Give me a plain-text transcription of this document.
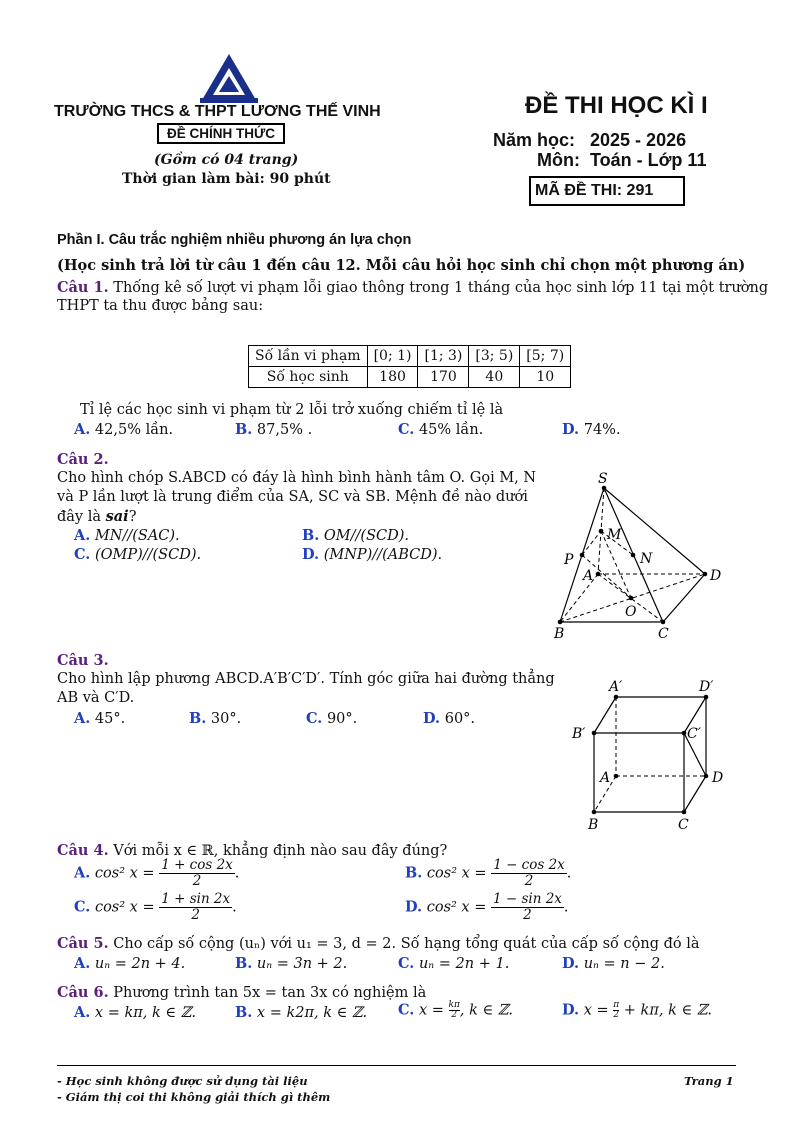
TRƯỜNG THCS & THPT LƯƠNG THẾ VINH
ĐỀ CHÍNH THỨC
(Gồm có 04 trang)
Thời gian làm bài: 90 phút
ĐỀ THI HỌC KÌ I
Năm học:   2025 - 2026
Môn:  Toán - Lớp 11
MÃ ĐỀ THI: 291
Phần I. Câu trắc nghiệm nhiều phương án lựa chọn
(Học sinh trả lời từ câu 1 đến câu 12. Mỗi câu hỏi học sinh chỉ chọn một phương án)
Câu 1. Thống kê số lượt vi phạm lỗi giao thông trong 1 tháng của học sinh lớp 11 tại một trường
THPT ta thu được bảng sau:
Số lần vi phạm	[0; 1)	[1; 3)	[3; 5)	[5; 7)
Số học sinh	180	170	40	10
Tỉ lệ các học sinh vi phạm từ 2 lỗi trở xuống chiếm tỉ lệ là
A. 42,5% lần.	B. 87,5% .	C. 45% lần.	D. 74%.
Câu 2.
Cho hình chóp S.ABCD có đáy là hình bình hành tâm O. Gọi M, N
và P lần lượt là trung điểm của SA, SC và SB. Mệnh đề nào dưới
đây là sai?
A. MN//(SAC).	B. OM//(SCD).
C. (OMP)//(SCD).	D. (MNP)//(ABCD).
S
M
N
P
A	D
O
B	C
Câu 3.
Cho hình lập phương ABCD.A′B′C′D′. Tính góc giữa hai đường thẳng
AB và C′D.
A. 45°.	B. 30°.	C. 90°.	D. 60°.
A′	D′
B′	C′
A	D
B	C
Câu 4. Với mỗi x ∈ ℝ, khẳng định nào sau đây đúng?
A. cos² $x = \frac{1 + \cos 2x}{2}$ .	B. cos² $x = \frac{1 - \cos 2x}{2}$ .
C. cos² $x = \frac{1 + \sin 2x}{2}$ .	D. cos² $x = \frac{1 - \sin 2x}{2}$ .
Câu 5. Cho cấp số cộng (uₙ) với u₁ = 3, d = 2. Số hạng tổng quát của cấp số cộng đó là
A. uₙ = 2n + 4.	B. uₙ = 3n + 2.	C. uₙ = 2n + 1.	D. uₙ = n − 2.
Câu 6. Phương trình tan 5x = tan 3x có nghiệm là
A. x = kπ, k ∈ ℤ.	B. x = k2π, k ∈ ℤ. C. $x = \frac{k\pi}{2}$ , k ∈ ℤ.	D. $x = \frac{\pi}{2} + k\pi$, k ∈ ℤ.
- Học sinh không được sử dụng tài liệu
- Giám thị coi thi không giải thích gì thêm
Trang 1
